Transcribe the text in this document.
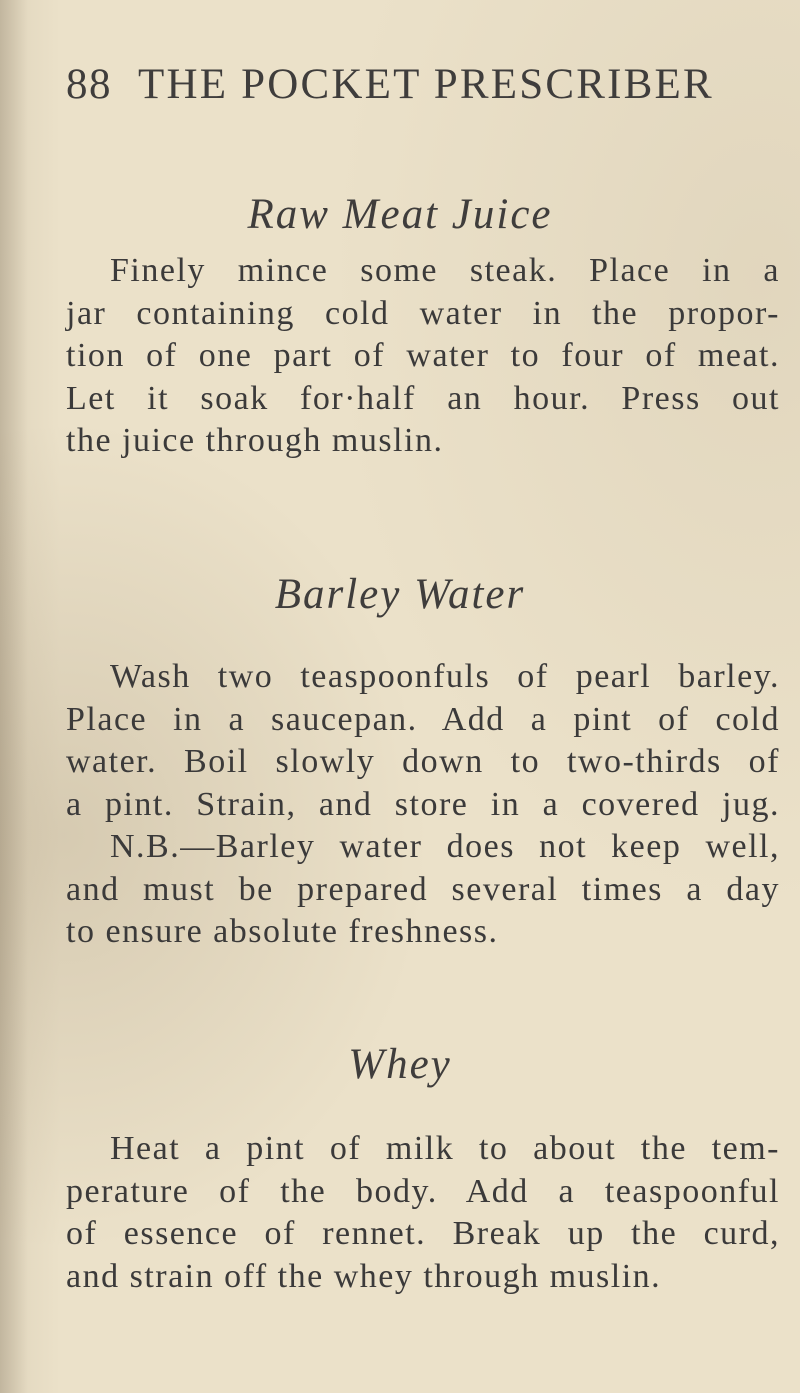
88 THE POCKET PRESCRIBER
Raw Meat Juice
Finely mince some steak. Place in a
jar containing cold water in the propor-
tion of one part of water to four of meat.
Let it soak for·half an hour. Press out
the juice through muslin.
Barley Water
Wash two teaspoonfuls of pearl barley.
Place in a saucepan. Add a pint of cold
water. Boil slowly down to two-thirds of
a pint. Strain, and store in a covered jug.
N.B.—Barley water does not keep well,
and must be prepared several times a day
to ensure absolute freshness.
Whey
Heat a pint of milk to about the tem-
perature of the body. Add a teaspoonful
of essence of rennet. Break up the curd,
and strain off the whey through muslin.
